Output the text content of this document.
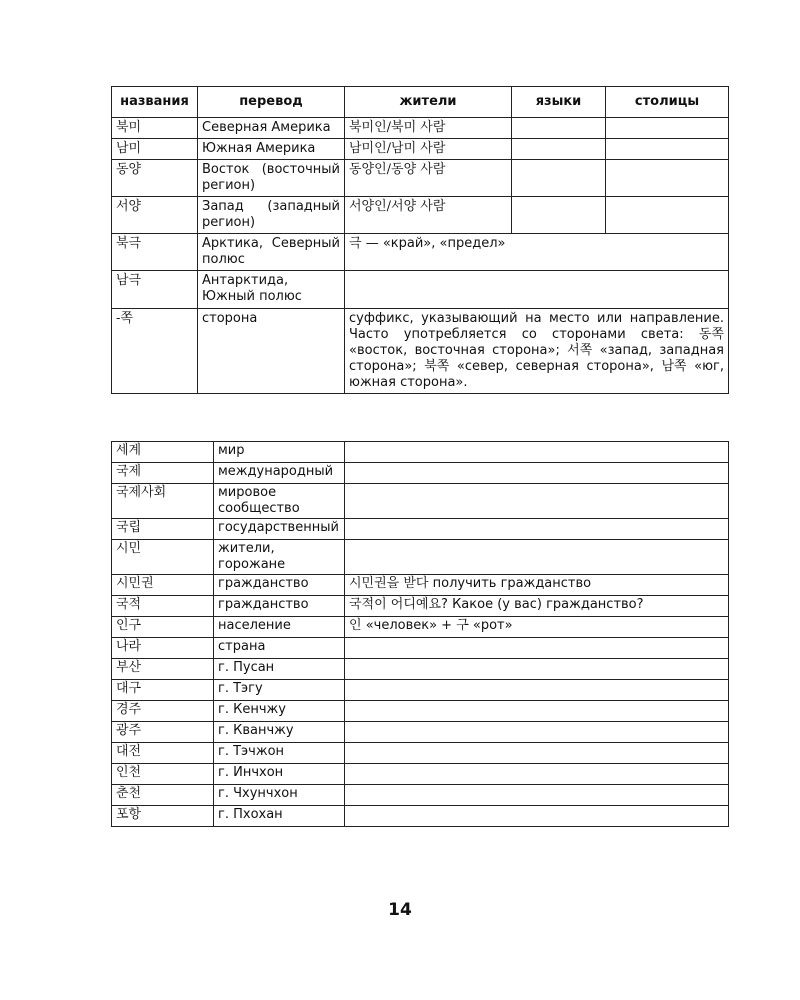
названия	перевод	жители	языки	столицы
북미	Северная Америка	북미인/북미 사람		
남미	Южная Америка	남미인/남미 사람		
동양	Восток (восточный регион)	동양인/동양 사람		
서양	Запад (западный регион)	서양인/서양 사람		
북극	Арктика, Северный полюс	극 — «край», «предел»		
남극	Антарктида, Южный полюс			
-쪽	сторона	суффикс, указывающий на место или направление. Часто употребляется со сторонами света: 동쪽 «восток, восточная сторона»; 서쪽 «запад, западная сторона»; 북쪽 «север, северная сторона», 남쪽 «юг, южная сторона».		
세계	мир	
국제	международный	
국제사회	мировое сообщество	
국립	государственный	
시민	жители, горожане	
시민권	гражданство	시민권을 받다 получить гражданство
국적	гражданство	국적이 어디예요? Какое (у вас) гражданство?
인구	население	인 «человек» + 구 «рот»
나라	страна	
부산	г. Пусан	
대구	г. Тэгу	
경주	г. Кенчжу	
광주	г. Кванчжу	
대전	г. Тэчжон	
인천	г. Инчхон	
춘천	г. Чхунчхон	
포항	г. Пхохан	
14
